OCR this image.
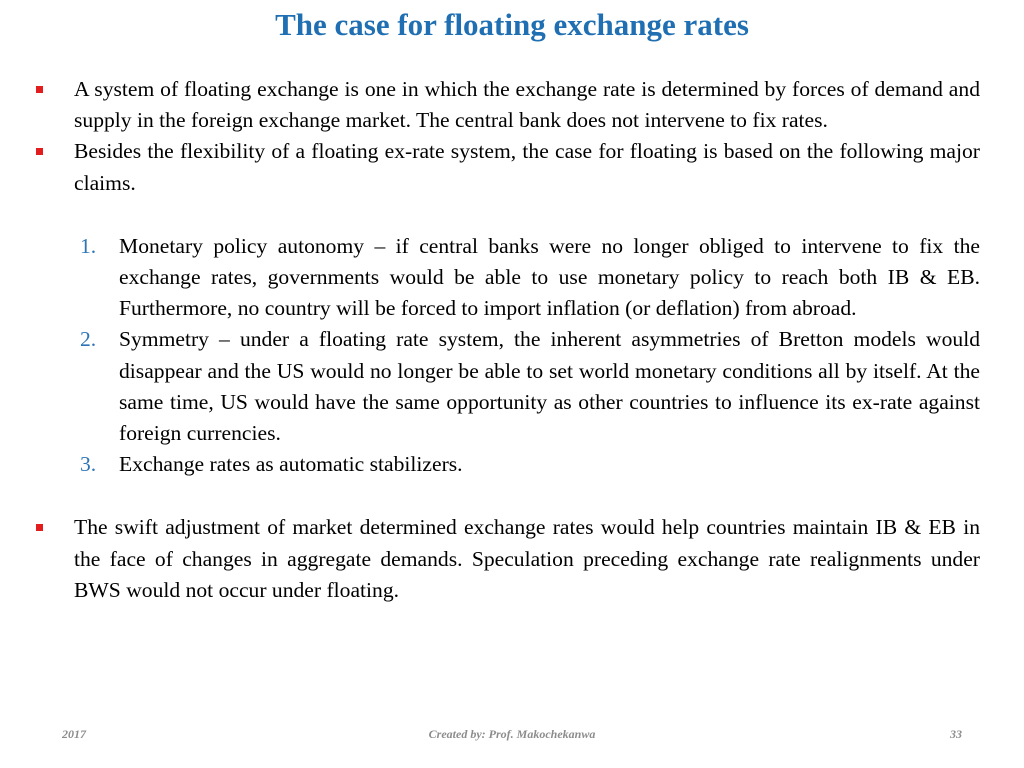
The case for floating exchange rates
A system of floating exchange is one in which the exchange rate is determined by forces of demand and supply in the foreign exchange market. The central bank does not intervene to fix rates.
Besides the flexibility of a floating ex-rate system, the case for floating is based on the following major claims.
1.	Monetary policy autonomy – if central banks were no longer obliged to intervene to fix the exchange rates, governments would be able to use monetary policy to reach both IB & EB. Furthermore, no country will be forced to import inflation (or deflation) from abroad.
2.	Symmetry – under a floating rate system, the inherent asymmetries of Bretton models would disappear and the US would no longer be able to set world monetary conditions all by itself. At the same time, US would have the same opportunity as other countries to influence its ex-rate against foreign currencies.
3.	Exchange rates as automatic stabilizers.
The swift adjustment of market determined exchange rates would help countries maintain IB & EB in the face of changes in aggregate demands. Speculation preceding exchange rate realignments under BWS would not occur under floating.
2017	Created by: Prof. Makochekanwa	33
